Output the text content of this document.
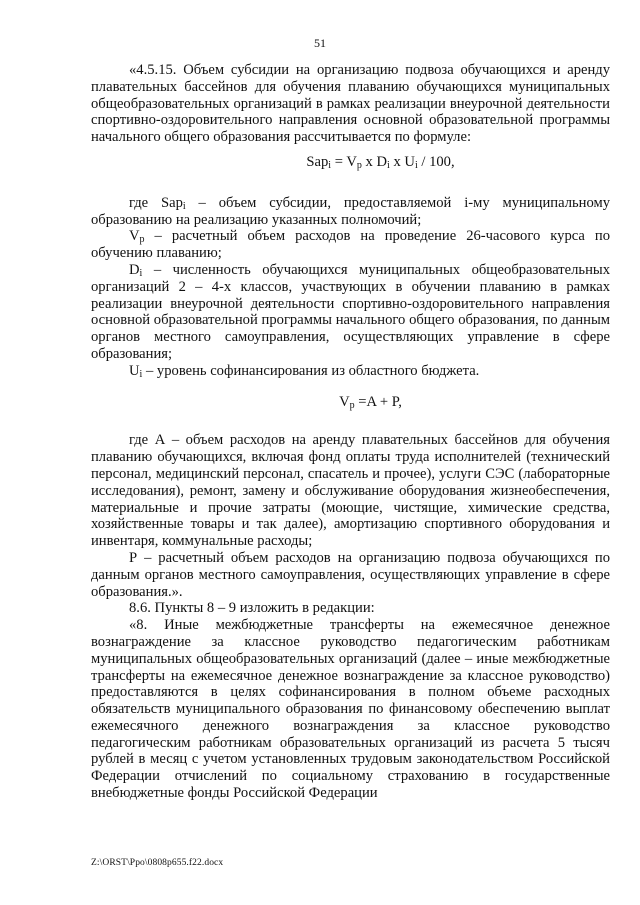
51

«4.5.15. Объем субсидии на организацию подвоза обучающихся и аренду плавательных бассейнов для обучения плаванию обучающихся муниципальных общеобразовательных организаций в рамках реализации внеурочной деятельности спортивно-оздоровительного направления основной образовательной программы начального общего образования рассчитывается по формуле:

$Sap_i = V_p$ x $D_i$ x $U_i / 100$,

где Sap$_i$ – объем субсидии, предоставляемой i-му муниципальному образованию на реализацию указанных полномочий;

$V_p$ – расчетный объем расходов на проведение 26-часового курса по обучению плаванию;

$D_i$ – численность обучающихся муниципальных общеобразовательных организаций 2 – 4-х классов, участвующих в обучении плаванию в рамках реализации внеурочной деятельности спортивно-оздоровительного направления основной образовательной программы начального общего образования, по данным органов местного самоуправления, осуществляющих управление в сфере образования;

$U_i$ – уровень софинансирования из областного бюджета.

$V_p =A + P$,

где А – объем расходов на аренду плавательных бассейнов для обучения плаванию обучающихся, включая фонд оплаты труда исполнителей (технический персонал, медицинский персонал, спасатель и прочее), услуги СЭС (лабораторные исследования), ремонт, замену и обслуживание оборудования жизнеобеспечения, материальные и прочие затраты (моющие, чистящие, химические средства, хозяйственные товары и так далее), амортизацию спортивного оборудования и инвентаря, коммунальные расходы;

Р – расчетный объем расходов на организацию подвоза обучающихся по данным органов местного самоуправления, осуществляющих управление в сфере образования.».

8.6. Пункты 8 – 9 изложить в редакции:

«8. Иные межбюджетные трансферты на ежемесячное денежное вознаграждение за классное руководство педагогическим работникам муниципальных общеобразовательных организаций (далее – иные межбюджетные трансферты на ежемесячное денежное вознаграждение за классное руководство) предоставляются в целях софинансирования в полном объеме расходных обязательств муниципального образования по финансовому обеспечению выплат ежемесячного денежного вознаграждения за классное руководство педагогическим работникам образовательных организаций из расчета 5 тысяч рублей в месяц с учетом установленных трудовым законодательством Российской Федерации отчислений по социальному страхованию в государственные внебюджетные фонды Российской Федерации

Z:\ORST\Ppo\0808p655.f22.docx
